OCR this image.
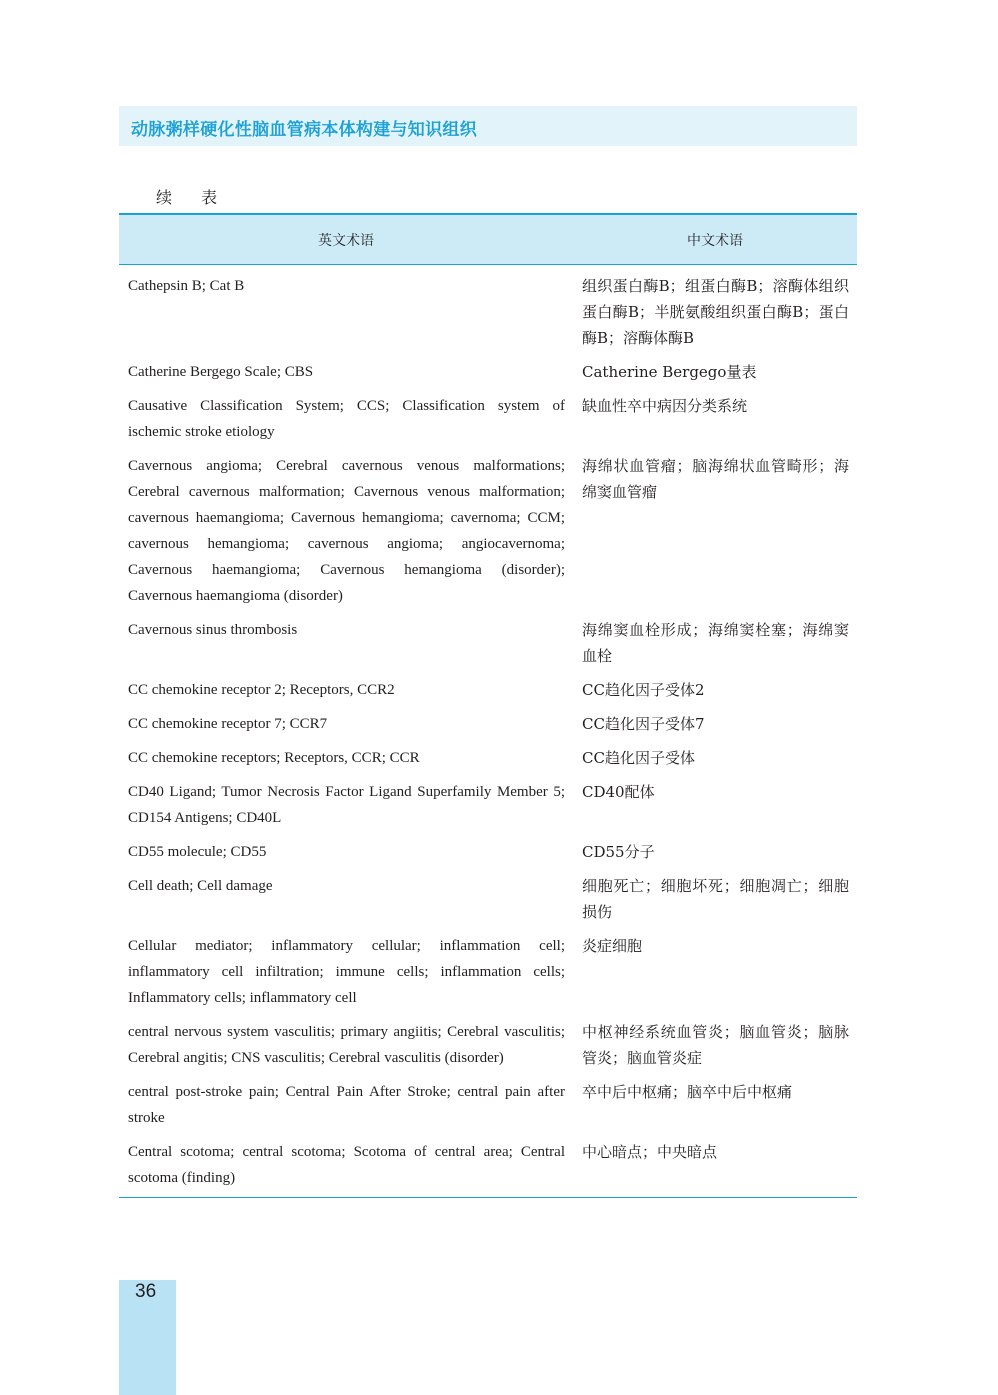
动脉粥样硬化性脑血管病本体构建与知识组织
续 表
英文术语	中文术语
Cathepsin B; Cat B	组织蛋白酶B；组蛋白酶B；溶酶体组织蛋白酶B；半胱氨酸组织蛋白酶B；蛋白酶B；溶酶体酶B
Catherine Bergego Scale; CBS	Catherine Bergego量表
Causative Classification System; CCS; Classification system of ischemic stroke etiology	缺血性卒中病因分类系统
Cavernous angioma; Cerebral cavernous venous malformations; Cerebral cavernous malformation; Cavernous venous malformation; cavernous haemangioma; Cavernous hemangioma; cavernoma; CCM; cavernous hemangioma; cavernous angioma; angiocavernoma; Cavernous haemangioma; Cavernous hemangioma (disorder); Cavernous haemangioma (disorder)	海绵状血管瘤；脑海绵状血管畸形；海绵窦血管瘤
Cavernous sinus thrombosis	海绵窦血栓形成；海绵窦栓塞；海绵窦血栓
CC chemokine receptor 2; Receptors, CCR2	CC趋化因子受体2
CC chemokine receptor 7; CCR7	CC趋化因子受体7
CC chemokine receptors; Receptors, CCR; CCR	CC趋化因子受体
CD40 Ligand; Tumor Necrosis Factor Ligand Superfamily Member 5; CD154 Antigens; CD40L	CD40配体
CD55 molecule; CD55	CD55分子
Cell death; Cell damage	细胞死亡；细胞坏死；细胞凋亡；细胞损伤
Cellular mediator; inflammatory cellular; inflammation cell; inflammatory cell infiltration; immune cells; inflammation cells; Inflammatory cells; inflammatory cell	炎症细胞
central nervous system vasculitis; primary angiitis; Cerebral vasculitis; Cerebral angitis; CNS vasculitis; Cerebral vasculitis (disorder)	中枢神经系统血管炎；脑血管炎；脑脉管炎；脑血管炎症
central post-stroke pain; Central Pain After Stroke; central pain after stroke	卒中后中枢痛；脑卒中后中枢痛
Central scotoma; central scotoma; Scotoma of central area; Central scotoma (finding)	中心暗点；中央暗点
36
